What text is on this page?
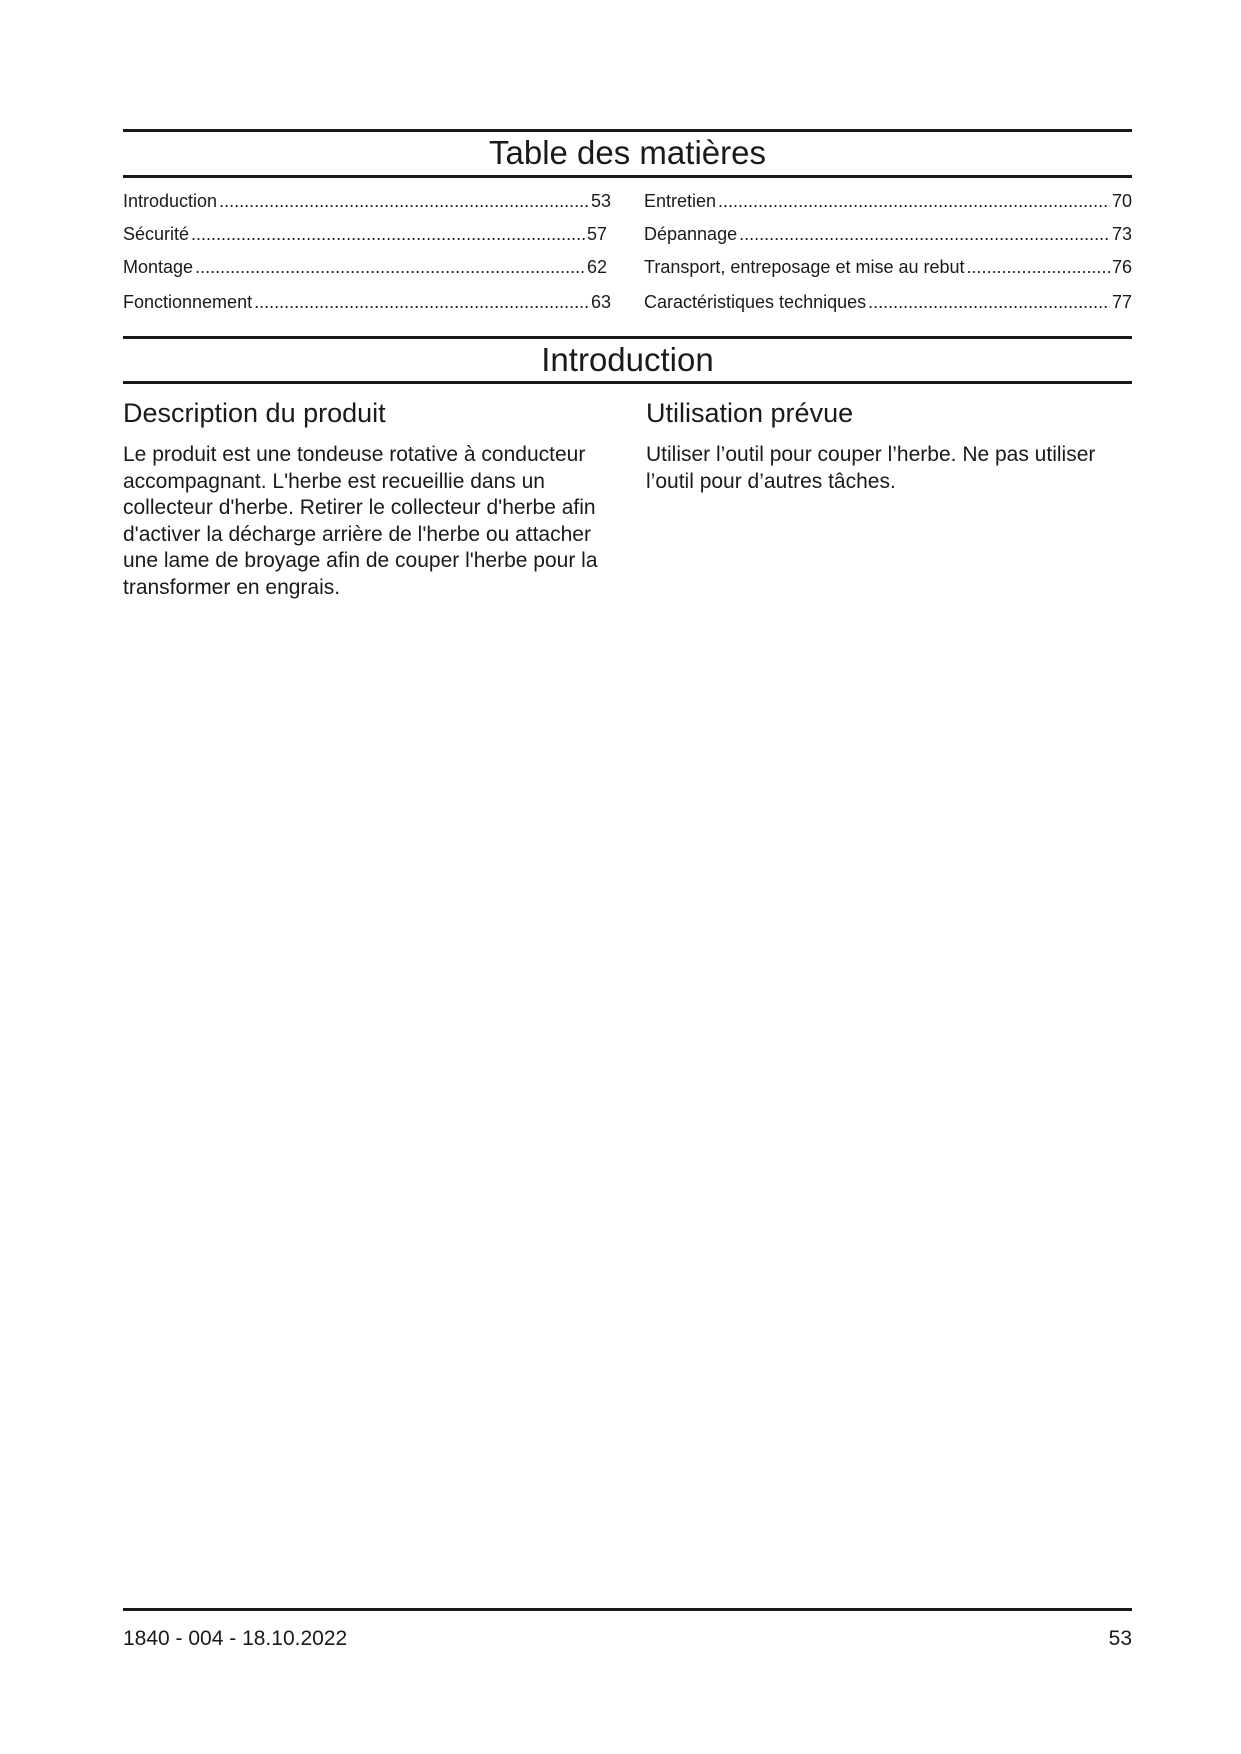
Table des matières
Introduction .....	53
Sécurité .....	57
Montage .....	62
Fonctionnement .....	63
Entretien .....	70
Dépannage .....	73
Transport, entreposage et mise au rebut .....	76
Caractéristiques techniques .....	77
Introduction
Description du produit

Le produit est une tondeuse rotative à conducteur accompagnant. L'herbe est recueillie dans un collecteur d'herbe. Retirer le collecteur d'herbe afin d'activer la décharge arrière de l'herbe ou attacher une lame de broyage afin de couper l'herbe pour la transformer en engrais.

Utilisation prévue

Utiliser l’outil pour couper l’herbe. Ne pas utiliser l’outil pour d’autres tâches.

1840 - 004 - 18.10.2022	53
